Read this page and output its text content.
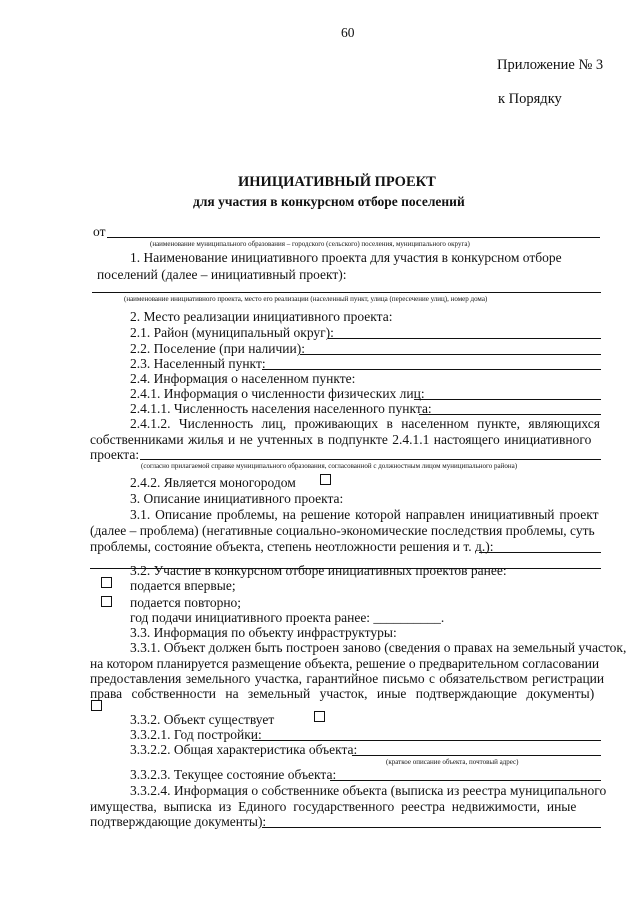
60
Приложение № 3
к Порядку
ИНИЦИАТИВНЫЙ ПРОЕКТ
для участия в конкурсном отборе поселений
от
(наименование муниципального образования – городского (сельского) поселения, муниципального округа)
1. Наименование инициативного проекта для участия в конкурсном отборе
поселений (далее – инициативный проект):
(наименование инициативного проекта, место его реализации (населенный пункт, улица (пересечение улиц), номер дома)
2. Место реализации инициативного проекта:
2.1. Район (муниципальный округ):
2.2. Поселение (при наличии):
2.3. Населенный пункт:
2.4. Информация о населенном пункте:
2.4.1. Информация о численности физических лиц:
2.4.1.1. Численность населения населенного пункта:
2.4.1.2. Численность лиц, проживающих в населенном пункте, являющихся
собственниками жилья и не учтенных в подпункте 2.4.1.1 настоящего инициативного
проекта:
(согласно прилагаемой справке муниципального образования, согласованной с должностным лицом муниципального района)
2.4.2. Является моногородом
3. Описание инициативного проекта:
3.1. Описание проблемы, на решение которой направлен инициативный проект
(далее – проблема) (негативные социально-экономические последствия проблемы, суть
проблемы, состояние объекта, степень неотложности решения и т. д.):
3.2. Участие в конкурсном отборе инициативных проектов ранее:
подается впервые;
подается повторно;
год подачи инициативного проекта ранее: __________.
3.3. Информация по объекту инфраструктуры:
3.3.1. Объект должен быть построен заново (сведения о правах на земельный участок,
на котором планируется размещение объекта, решение о предварительном согласовании
предоставления земельного участка, гарантийное письмо с обязательством регистрации
права собственности на земельный участок, иные подтверждающие документы)
3.3.2. Объект существует
3.3.2.1. Год постройки:
3.3.2.2. Общая характеристика объекта:
(краткое описание объекта, почтовый адрес)
3.3.2.3. Текущее состояние объекта:
3.3.2.4. Информация о собственнике объекта (выписка из реестра муниципального
имущества, выписка из Единого государственного реестра недвижимости, иные
подтверждающие документы):
